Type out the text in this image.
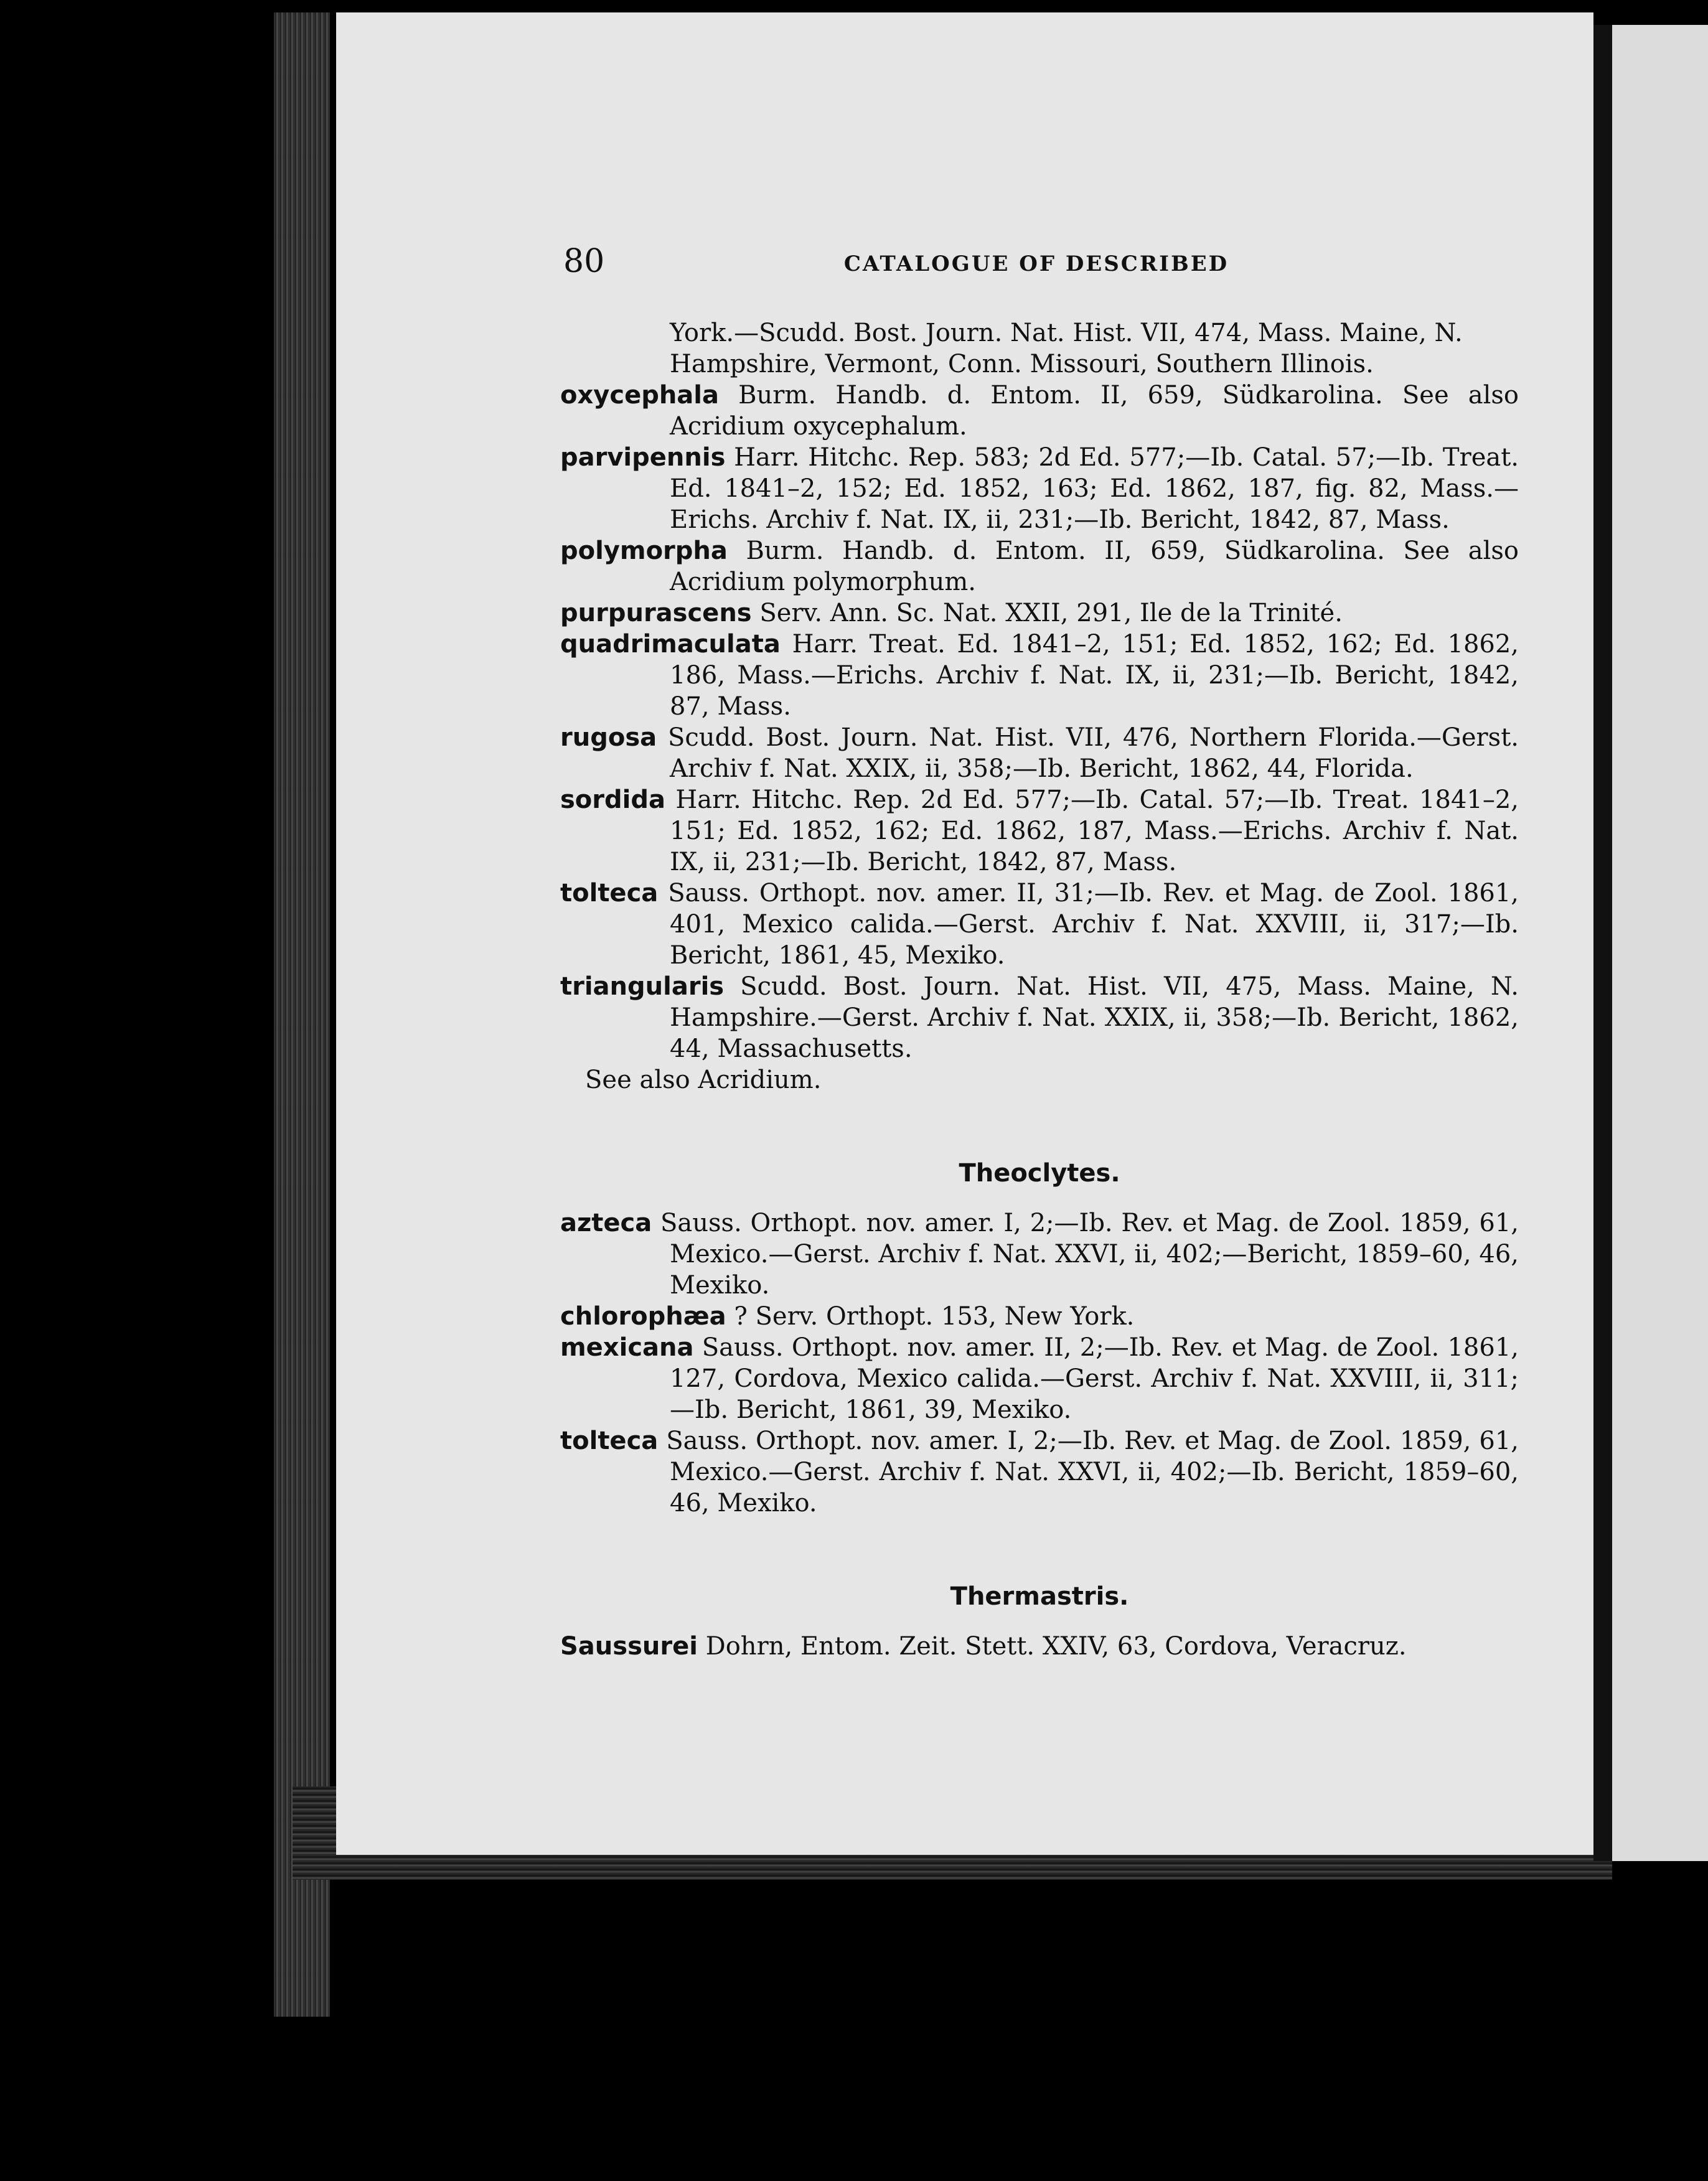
80	CATALOGUE OF DESCRIBED
York.—Scudd. Bost. Journ. Nat. Hist. VII, 474, Mass. Maine, N. Hampshire, Vermont, Conn. Missouri, Southern Illinois.
oxycephala Burm. Handb. d. Entom. II, 659, Südkarolina. See also Acridium oxycephalum.
parvipennis Harr. Hitchc. Rep. 583; 2d Ed. 577;—Ib. Catal. 57;—Ib. Treat. Ed. 1841–2, 152; Ed. 1852, 163; Ed. 1862, 187, fig. 82, Mass.—Erichs. Archiv f. Nat. IX, ii, 231;—Ib. Bericht, 1842, 87, Mass.
polymorpha Burm. Handb. d. Entom. II, 659, Südkarolina. See also Acridium polymorphum.
purpurascens Serv. Ann. Sc. Nat. XXII, 291, Ile de la Trinité.
quadrimaculata Harr. Treat. Ed. 1841–2, 151; Ed. 1852, 162; Ed. 1862, 186, Mass.—Erichs. Archiv f. Nat. IX, ii, 231;—Ib. Bericht, 1842, 87, Mass.
rugosa Scudd. Bost. Journ. Nat. Hist. VII, 476, Northern Florida.—Gerst. Archiv f. Nat. XXIX, ii, 358;—Ib. Bericht, 1862, 44, Florida.
sordida Harr. Hitchc. Rep. 2d Ed. 577;—Ib. Catal. 57;—Ib. Treat. 1841–2, 151; Ed. 1852, 162; Ed. 1862, 187, Mass.—Erichs. Archiv f. Nat. IX, ii, 231;—Ib. Bericht, 1842, 87, Mass.
tolteca Sauss. Orthopt. nov. amer. II, 31;—Ib. Rev. et Mag. de Zool. 1861, 401, Mexico calida.—Gerst. Archiv f. Nat. XXVIII, ii, 317;—Ib. Bericht, 1861, 45, Mexiko.
triangularis Scudd. Bost. Journ. Nat. Hist. VII, 475, Mass. Maine, N. Hampshire.—Gerst. Archiv f. Nat. XXIX, ii, 358;—Ib. Bericht, 1862, 44, Massachusetts.
See also Acridium.
Theoclytes.
azteca Sauss. Orthopt. nov. amer. I, 2;—Ib. Rev. et Mag. de Zool. 1859, 61, Mexico.—Gerst. Archiv f. Nat. XXVI, ii, 402;—Bericht, 1859–60, 46, Mexiko.
chlorophæa ? Serv. Orthopt. 153, New York.
mexicana Sauss. Orthopt. nov. amer. II, 2;—Ib. Rev. et Mag. de Zool. 1861, 127, Cordova, Mexico calida.—Gerst. Archiv f. Nat. XXVIII, ii, 311;—Ib. Bericht, 1861, 39, Mexiko.
tolteca Sauss. Orthopt. nov. amer. I, 2;—Ib. Rev. et Mag. de Zool. 1859, 61, Mexico.—Gerst. Archiv f. Nat. XXVI, ii, 402;—Ib. Bericht, 1859–60, 46, Mexiko.
Thermastris.
Saussurei Dohrn, Entom. Zeit. Stett. XXIV, 63, Cordova, Veracruz.
